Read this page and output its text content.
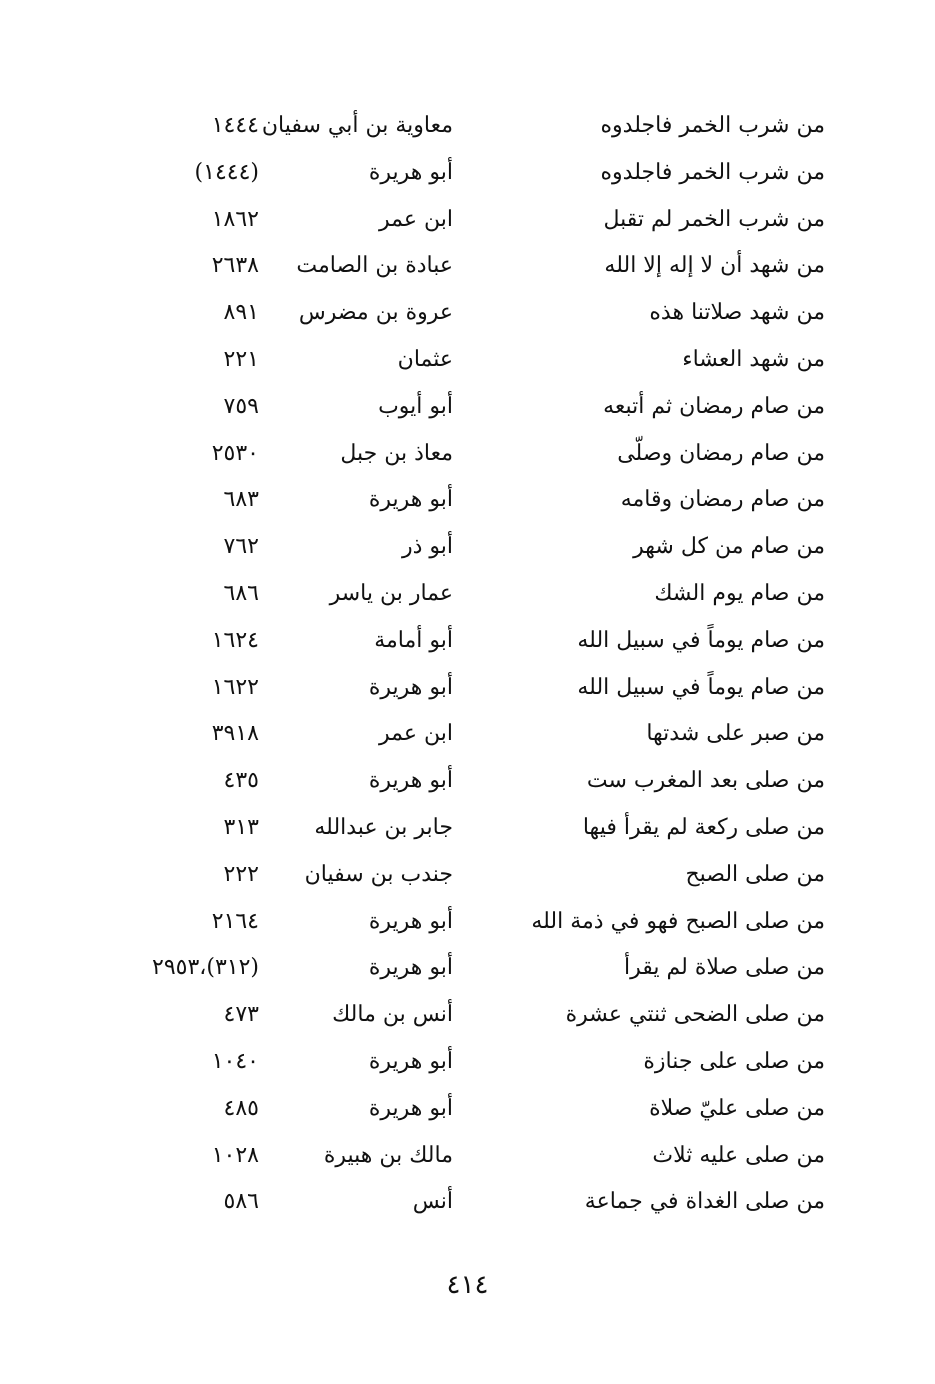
من شرب الخمر فاجلدوه
معاوية بن أبي سفيان
١٤٤٤
من شرب الخمر فاجلدوه
أبو هريرة
(١٤٤٤)
من شرب الخمر لم تقبل
ابن عمر
١٨٦٢
من شهد أن لا إله إلا الله
عبادة بن الصامت
٢٦٣٨
من شهد صلاتنا هذه
عروة بن مضرس
٨٩١
من شهد العشاء
عثمان
٢٢١
من صام رمضان ثم أتبعه
أبو أيوب
٧٥٩
من صام رمضان وصلّى
معاذ بن جبل
٢٥٣٠
من صام رمضان وقامه
أبو هريرة
٦٨٣
من صام من كل شهر
أبو ذر
٧٦٢
من صام يوم الشك
عمار بن ياسر
٦٨٦
من صام يوماً في سبيل الله
أبو أمامة
١٦٢٤
من صام يوماً في سبيل الله
أبو هريرة
١٦٢٢
من صبر على شدتها
ابن عمر
٣٩١٨
من صلى بعد المغرب ست
أبو هريرة
٤٣٥
من صلى ركعة لم يقرأ فيها
جابر بن عبدالله
٣١٣
من صلى الصبح
جندب بن سفيان
٢٢٢
من صلى الصبح فهو في ذمة الله
أبو هريرة
٢١٦٤
من صلى صلاة لم يقرأ
أبو هريرة
(٣١٢)،٢٩٥٣
من صلى الضحى ثنتي عشرة
أنس بن مالك
٤٧٣
من صلى على جنازة
أبو هريرة
١٠٤٠
من صلى عليّ صلاة
أبو هريرة
٤٨٥
من صلى عليه ثلاث
مالك بن هبيرة
١٠٢٨
من صلى الغداة في جماعة
أنس
٥٨٦
٤١٤
